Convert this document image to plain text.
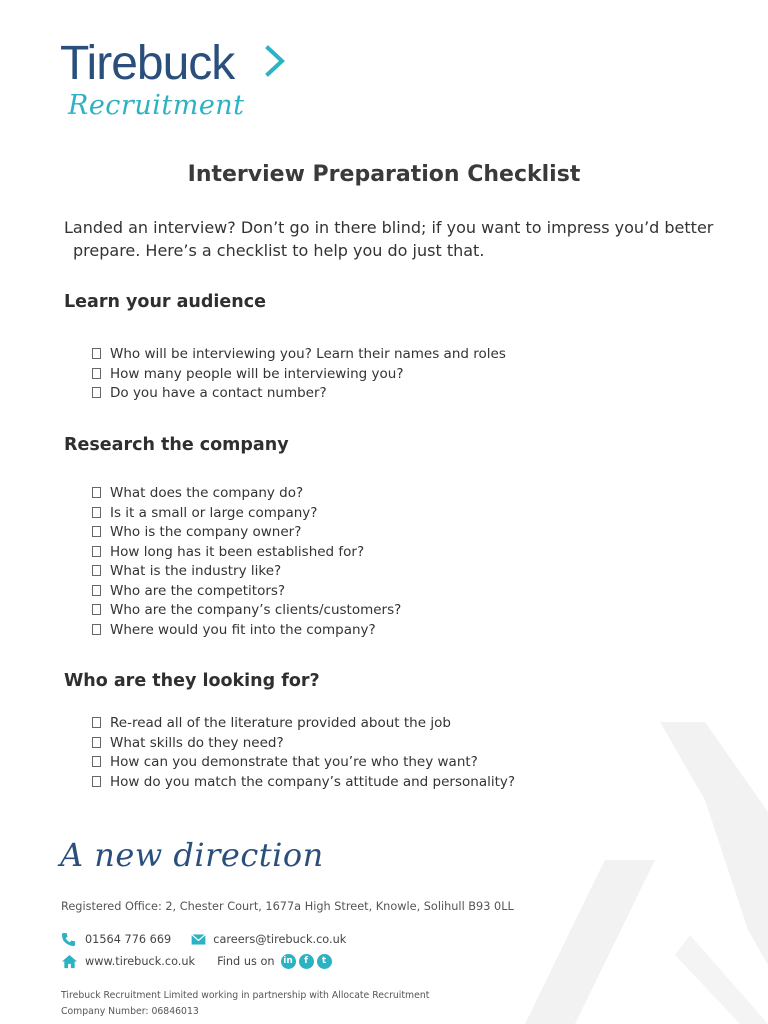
Tirebuck
Recruitment
Interview Preparation Checklist

Landed an interview? Don’t go in there blind; if you want to impress you’d better
prepare. Here’s a checklist to help you do just that.

Learn your audience
Who will be interviewing you? Learn their names and roles
How many people will be interviewing you?
Do you have a contact number?
Research the company
What does the company do?
Is it a small or large company?
Who is the company owner?
How long has it been established for?
What is the industry like?
Who are the competitors?
Who are the company’s clients/customers?
Where would you fit into the company?
Who are they looking for?
Re-read all of the literature provided about the job
What skills do they need?
How can you demonstrate that you’re who they want?
How do you match the company’s attitude and personality?
A new direction

Registered Office: 2, Chester Court, 1677a High Street, Knowle, Solihull B93 0LL

01564 776 669	careers@tirebuck.co.uk
www.tirebuck.co.uk Find us on in	f	t

Tirebuck Recruitment Limited working in partnership with Allocate Recruitment

Company Number: 06846013
